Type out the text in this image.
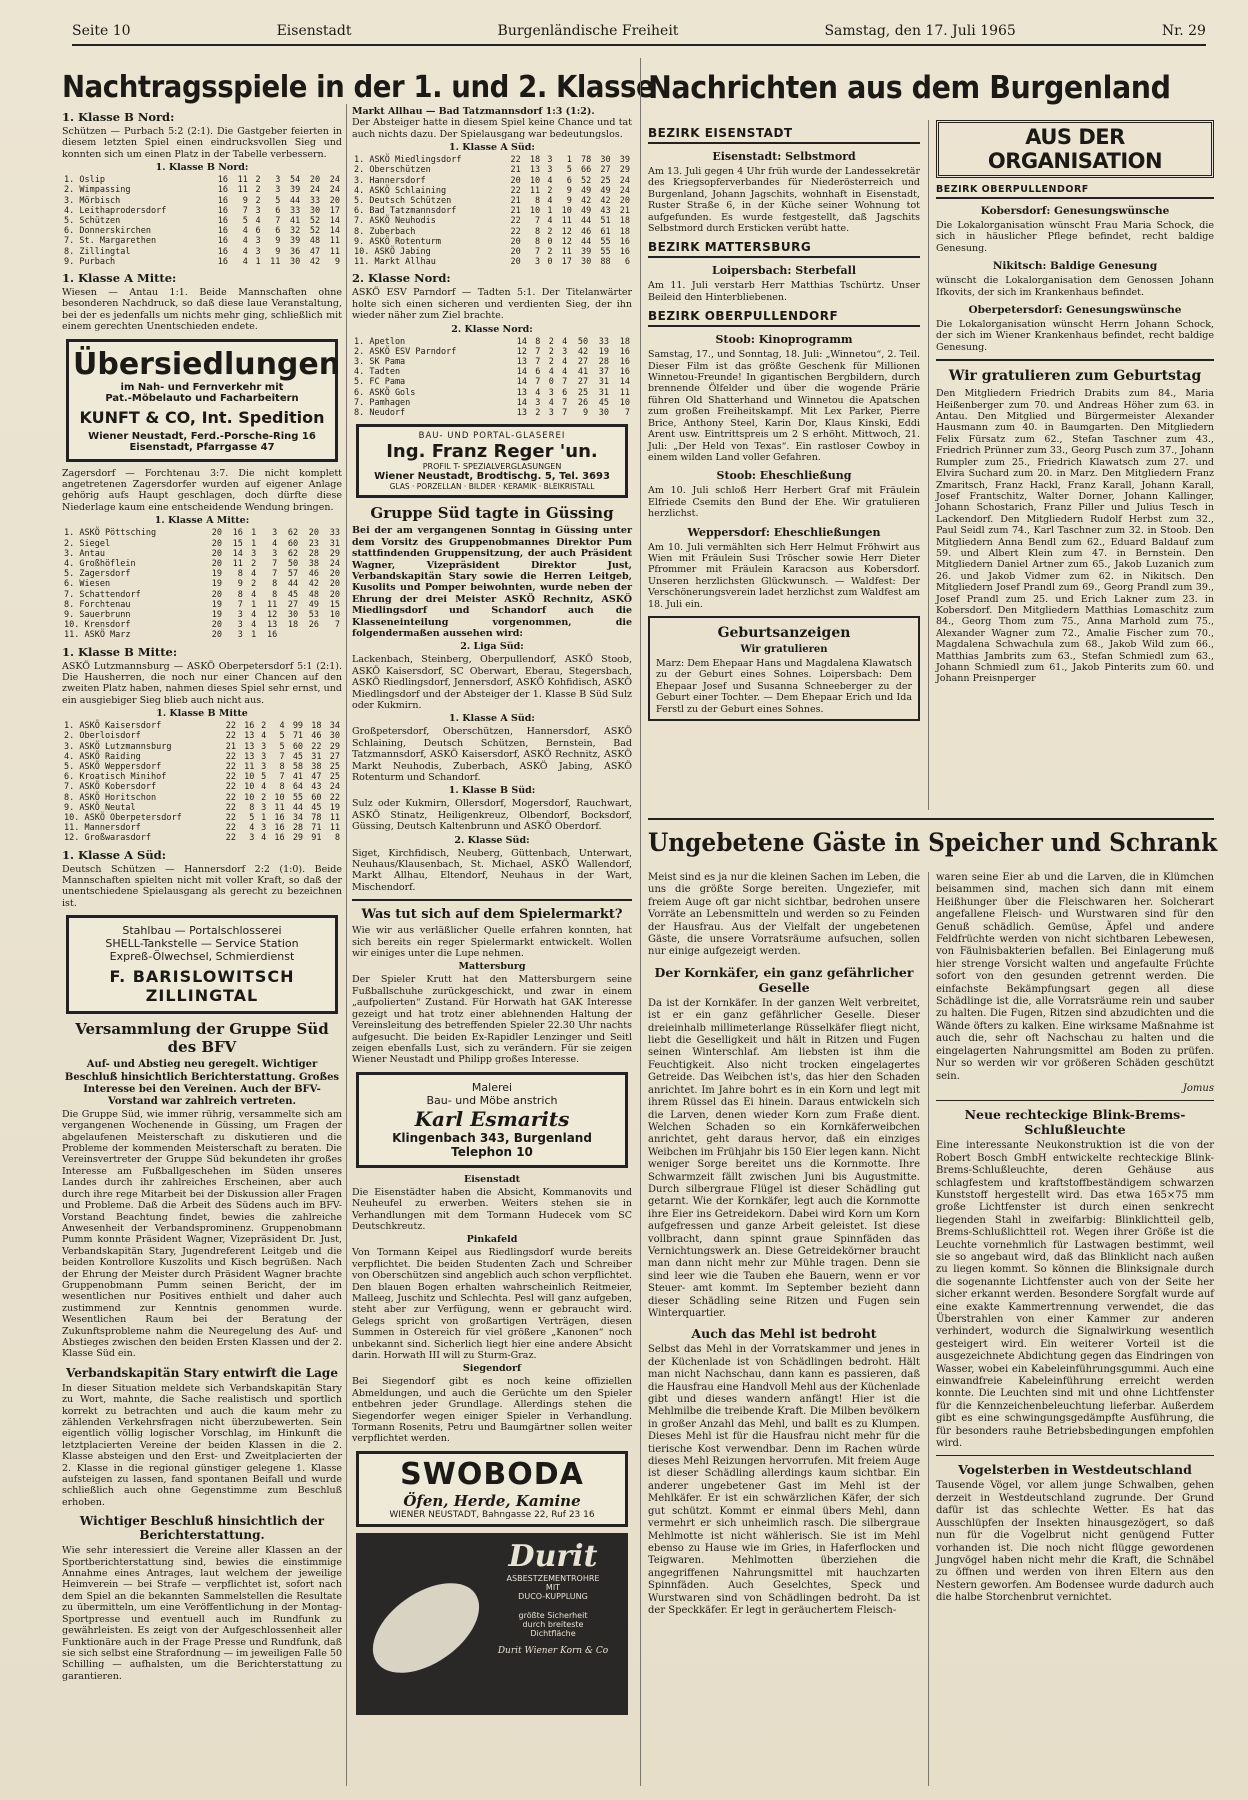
Seite 10	Eisenstadt	Burgenländische Freiheit	Samstag, den 17. Juli 1965	Nr. 29
Nachtragsspiele in der 1. und 2. Klasse
1. Klasse B Nord:
Schützen — Purbach 5:2 (2:1). Die Gastgeber feierten in diesem letzten Spiel einen eindrucksvollen Sieg und konnten sich um einen Platz in der Tabelle verbessern.
1. Klasse B Nord:
1. Oslip	16	11	2	3	54	20	24
2. Wimpassing	16	11	2	3	39	24	24
3. Mörbisch	16	9	2	5	44	33	20
4. Leithaprodersdorf	16	7	3	6	33	30	17
5. Schützen	16	5	4	7	41	52	14
6. Donnerskirchen	16	4	6	6	32	52	14
7. St. Margarethen	16	4	3	9	39	48	11
8. Zillingtal	16	4	3	9	36	47	11
9. Purbach	16	4	1	11	30	42	9
1. Klasse A Mitte:
Wiesen — Antau 1:1. Beide Mannschaften ohne besonderen Nachdruck, so daß diese laue Veranstaltung, bei der es jedenfalls um nichts mehr ging, schließlich mit einem gerechten Unentschieden endete.
Übersiedlungen
im Nah- und Fernverkehr mit
Pat.-Möbelauto und Facharbeitern
KUNFT & CO, Int. Spedition
Wiener Neustadt, Ferd.-Porsche-Ring 16
Eisenstadt, Pfarrgasse 47
Zagersdorf — Forchtenau 3:7. Die nicht komplett angetretenen Zagersdorfer wurden auf eigener Anlage gehörig aufs Haupt geschlagen, doch dürfte diese Niederlage kaum eine entscheidende Wendung bringen.
1. Klasse A Mitte:
1. ASKÖ Pöttsching	20	16	1	3	62	20	33
2. Siegel	20	15	1	4	60	23	31
3. Antau	20	14	3	3	62	28	29
4. Großhöflein	20	11	2	7	50	38	24
5. Zagersdorf	19	8	4	7	57	46	20
6. Wiesen	19	9	2	8	44	42	20
7. Schattendorf	20	8	4	8	45	48	20
8. Forchtenau	19	7	1	11	27	49	15
9. Sauerbrunn	19	3	4	12	30	53	10
10. Krensdorf	20	3	4	13	18	26	7
11. ASKÖ Marz	20	3	1	16			
1. Klasse B Mitte:
ASKÖ Lutzmannsburg — ASKÖ Oberpetersdorf 5:1 (2:1). Die Hausherren, die noch nur einer Chancen auf den zweiten Platz haben, nahmen dieses Spiel sehr ernst, und ein ausgiebiger Sieg blieb auch nicht aus.
1. Klasse B Mitte
1. ASKÖ Kaisersdorf	22	16	2	4	99	18	34
2. Oberloisdorf	22	13	4	5	71	46	30
3. ASKÖ Lutzmannsburg	21	13	3	5	60	22	29
4. ASKÖ Raiding	22	13	3	7	45	31	27
5. ASKÖ Weppersdorf	22	11	3	8	58	38	25
6. Kroatisch Minihof	22	10	5	7	41	47	25
7. ASKÖ Kobersdorf	22	10	4	8	64	43	24
8. ASKÖ Horitschon	22	10	2	10	55	60	22
9. ASKÖ Neutal	22	8	3	11	44	45	19
10. ASKÖ Oberpetersdorf	22	5	1	16	34	78	11
11. Mannersdorf	22	4	3	16	28	71	11
12. Großwarasdorf	22	3	4	16	29	91	8
1. Klasse A Süd:
Deutsch Schützen — Hannersdorf 2:2 (1:0). Beide Mannschaften spielten nicht mit voller Kraft, so daß der unentschiedene Spielausgang als gerecht zu bezeichnen ist.
Stahlbau — Portalschlosserei
SHELL-Tankstelle — Service Station
Expreß-Ölwechsel, Schmierdienst
F. BARISLOWITSCH
ZILLINGTAL
Versammlung der Gruppe Süd des BFV
Auf- und Abstieg neu geregelt. Wichtiger Beschluß hinsichtlich Berichterstattung. Großes Interesse bei den Vereinen. Auch der BFV-Vorstand war zahlreich vertreten.
Die Gruppe Süd, wie immer rührig, versammelte sich am vergangenen Wochenende in Güssing, um Fragen der abgelaufenen Meisterschaft zu diskutieren und die Probleme der kommenden Meisterschaft zu beraten. Die Vereinsvertreter der Gruppe Süd bekundeten ihr großes Interesse am Fußballgeschehen im Süden unseres Landes durch ihr zahlreiches Erscheinen, aber auch durch ihre rege Mitarbeit bei der Diskussion aller Fragen und Probleme. Daß die Arbeit des Südens auch im BFV-Vorstand Beachtung findet, bewies die zahlreiche Anwesenheit der Verbandsprominenz. Gruppenobmann Pumm konnte Präsident Wagner, Vizepräsident Dr. Just, Verbandskapitän Stary, Jugendreferent Leitgeb und die beiden Kontrollore Kuszolits und Kisch begrüßen. Nach der Ehrung der Meister durch Präsident Wagner brachte Gruppenobmann Pumm seinen Bericht, der im wesentlichen nur Positives enthielt und daher auch zustimmend zur Kenntnis genommen wurde. Wesentlichen Raum bei der Beratung der Zukunftsprobleme nahm die Neuregelung des Auf- und Abstieges zwischen den beiden Ersten Klassen und der 2. Klasse Süd ein.
Verbandskapitän Stary entwirft die Lage
In dieser Situation meldete sich Verbandskapitän Stary zu Wort, mahnte, die Sache realistisch und sportlich korrekt zu betrachten und auch die kaum mehr zu zählenden Verkehrsfragen nicht überzubewerten. Sein eigentlich völlig logischer Vorschlag, im Hinkunft die letztplacierten Vereine der beiden Klassen in die 2. Klasse absteigen und den Erst- und Zweitplacierten der 2. Klasse in die regional günstiger gelegene 1. Klasse aufsteigen zu lassen, fand spontanen Beifall und wurde schließlich auch ohne Gegenstimme zum Beschluß erhoben.
Wichtiger Beschluß hinsichtlich der Berichterstattung.
Wie sehr interessiert die Vereine aller Klassen an der Sportberichterstattung sind, bewies die einstimmige Annahme eines Antrages, laut welchem der jeweilige Heimverein — bei Strafe — verpflichtet ist, sofort nach dem Spiel an die bekannten Sammelstellen die Resultate zu übermitteln, um eine Veröffentlichung in der Montag-Sportpresse und eventuell auch im Rundfunk zu gewährleisten. Es zeigt von der Aufgeschlossenheit aller Funktionäre auch in der Frage Presse und Rundfunk, daß sie sich selbst eine Strafordnung — im jeweiligen Falle 50 Schilling — aufhalsten, um die Berichterstattung zu garantieren.
Markt Allhau — Bad Tatzmannsdorf 1:3 (1:2).
Der Absteiger hatte in diesem Spiel keine Chance und tat auch nichts dazu. Der Spielausgang war bedeutungslos.
1. Klasse A Süd:
1. ASKÖ Miedlingsdorf	22	18	3	1	78	30	39
2. Oberschützen	21	13	3	5	66	27	29
3. Hannersdorf	20	10	4	6	52	25	24
4. ASKÖ Schlaining	22	11	2	9	49	49	24
5. Deutsch Schützen	21	8	4	9	42	42	20
6. Bad Tatzmannsdorf	21	10	1	10	49	43	21
7. ASKÖ Neuhodis	22	7	4	11	44	51	18
8. Zuberbach	22	8	2	12	46	61	18
9. ASKÖ Rotenturm	20	8	0	12	44	55	16
10. ASKÖ Jabing	20	7	2	11	39	55	16
11. Markt Allhau	20	3	0	17	30	88	6
2. Klasse Nord:
ASKÖ ESV Parndorf — Tadten 5:1. Der Titelanwärter holte sich einen sicheren und verdienten Sieg, der ihn wieder näher zum Ziel brachte.
2. Klasse Nord:
1. Apetlon	14	8	2	4	50	33	18
2. ASKÖ ESV Parndorf	12	7	2	3	42	19	16
3. SK Pama	13	7	2	4	27	28	16
4. Tadten	14	6	4	4	41	37	16
5. FC Pama	14	7	0	7	27	31	14
6. ASKÖ Gols	13	4	3	6	25	31	11
7. Pamhagen	14	3	4	7	26	45	10
8. Neudorf	13	2	3	7	9	30	7
BAU- UND PORTAL-GLASEREI
Ing. Franz Reger 'un.
PROFIL T- SPEZIALVERGLASUNGEN
Wiener Neustadt, Brodtischg. 5, Tel. 3693
GLAS · PORZELLAN · BILDER · KERAMIK · BLEIKRISTALL
Gruppe Süd tagte in Güssing
Bei der am vergangenen Sonntag in Güssing unter dem Vorsitz des Gruppenobmannes Direktor Pum stattfindenden Gruppensitzung, der auch Präsident Wagner, Vizepräsident Direktor Just, Verbandskapitän Stary sowie die Herren Leitgeb, Kusolits und Pomper beiwohnten, wurde neben der Ehrung der drei Meister ASKÖ Rechnitz, ASKÖ Miedlingsdorf und Schandorf auch die Klasseneinteilung vorgenommen, die folgendermaßen aussehen wird:
2. Liga Süd:
Lackenbach, Steinberg, Oberpullendorf, ASKÖ Stoob, ASKÖ Kaisersdorf, SC Oberwart, Eberau, Stegersbach, ASKÖ Riedlingsdorf, Jennersdorf, ASKÖ Kohfidisch, ASKÖ Miedlingsdorf und der Absteiger der 1. Klasse B Süd Sulz oder Kukmirn.
1. Klasse A Süd:
Großpetersdorf, Oberschützen, Hannersdorf, ASKÖ Schlaining, Deutsch Schützen, Bernstein, Bad Tatzmannsdorf, ASKÖ Kaisersdorf, ASKÖ Rechnitz, ASKÖ Markt Neuhodis, Zuberbach, ASKÖ Jabing, ASKÖ Rotenturm und Schandorf.
1. Klasse B Süd:
Sulz oder Kukmirn, Ollersdorf, Mogersdorf, Rauchwart, ASKÖ Stinatz, Heiligenkreuz, Olbendorf, Bocksdorf, Güssing, Deutsch Kaltenbrunn und ASKÖ Oberdorf.
2. Klasse Süd:
Siget, Kirchfidisch, Neuberg, Güttenbach, Unterwart, Neuhaus/Klausenbach, St. Michael, ASKÖ Wallendorf, Markt Allhau, Eltendorf, Neuhaus in der Wart, Mischendorf.
Was tut sich auf dem Spielermarkt?
Wie wir aus verläßlicher Quelle erfahren konnten, hat sich bereits ein reger Spielermarkt entwickelt. Wollen wir einiges unter die Lupe nehmen.
Mattersburg
Der Spieler Krutt hat den Mattersburgern seine Fußballschuhe zurückgeschickt, und zwar in einem „aufpolierten“ Zustand. Für Horwath hat GAK Interesse gezeigt und hat trotz einer ablehnenden Haltung der Vereinsleitung des betreffenden Spieler 22.30 Uhr nachts aufgesucht. Die beiden Ex-Rapidler Lenzinger und Seitl zeigen ebenfalls Lust, sich zu verändern. Für sie zeigen Wiener Neustadt und Philipp großes Interesse.
Malerei
Bau- und Möbe anstrich
Karl Esmarits
Klingenbach 343, Burgenland
Telephon 10
Eisenstadt
Die Eisenstädter haben die Absicht, Kommanovits und Neuheufel zu erwerben. Weiters stehen sie in Verhandlungen mit dem Tormann Hudecek vom SC Deutschkreutz.
Pinkafeld
Von Tormann Keipel aus Riedlingsdorf wurde bereits verpflichtet. Die beiden Studenten Zach und Schreiber von Oberschützen sind angeblich auch schon verpflichtet. Den blauen Bogen erhalten wahrscheinlich Reitmeier, Malleeg, Juschitz und Schlechta. Pesl will ganz aufgeben, steht aber zur Verfügung, wenn er gebraucht wird. Gelegs spricht von großartigen Verträgen, diesen Summen in Ostereich für viel größere „Kanonen“ noch unbekannt sind. Sicherlich liegt hier eine andere Absicht darin. Horwath III will zu Sturm-Graz.
Siegendorf
Bei Siegendorf gibt es noch keine offiziellen Abmeldungen, und auch die Gerüchte um den Spieler entbehren jeder Grundlage. Allerdings stehen die Siegendorfer wegen einiger Spieler in Verhandlung. Tormann Rosenits, Petru und Baumgärtner sollen weiter verpflichtet werden.
SWOBODA
Öfen, Herde, Kamine
WIENER NEUSTADT, Bahngasse 22, Ruf 23 16
Durit
ASBESTZEMENTROHRE
MIT
DUCO-KUPPLUNG
größte Sicherheit
durch breiteste
Dichtfläche
Durit Wiener Korn & Co
Nachrichten aus dem Burgenland
BEZIRK EISENSTADT
Eisenstadt: Selbstmord
Am 13. Juli gegen 4 Uhr früh wurde der Landessekretär des Kriegsopferverbandes für Niederösterreich und Burgenland, Johann Jagschits, wohnhaft in Eisenstadt, Ruster Straße 6, in der Küche seiner Wohnung tot aufgefunden. Es wurde festgestellt, daß Jagschits Selbstmord durch Ersticken verübt hatte.
BEZIRK MATTERSBURG
Loipersbach: Sterbefall
Am 11. Juli verstarb Herr Matthias Tschürtz. Unser Beileid den Hinterbliebenen.
BEZIRK OBERPULLENDORF
Stoob: Kinoprogramm
Samstag, 17., und Sonntag, 18. Juli: „Winnetou“, 2. Teil. Dieser Film ist das größte Geschenk für Millionen Winnetou-Freunde! In gigantischen Bergbildern, durch brennende Ölfelder und über die wogende Prärie führen Old Shatterhand und Winnetou die Apatschen zum großen Freiheitskampf. Mit Lex Parker, Pierre Brice, Anthony Steel, Karin Dor, Klaus Kinski, Eddi Arent usw. Eintrittspreis um 2 S erhöht. Mittwoch, 21. Juli: „Der Held von Texas“. Ein rastloser Cowboy in einem wilden Land voller Gefahren.
Stoob: Eheschließung
Am 10. Juli schloß Herr Herbert Graf mit Fräulein Elfriede Csemits den Bund der Ehe. Wir gratulieren herzlichst.
Weppersdorf: Eheschließungen
Am 10. Juli vermählten sich Herr Helmut Fröhwirt aus Wien mit Fräulein Susi Tröscher sowie Herr Dieter Pfrommer mit Fräulein Karacson aus Kobersdorf. Unseren herzlichsten Glückwunsch. — Waldfest: Der Verschönerungsverein ladet herzlichst zum Waldfest am 18. Juli ein.
Geburtsanzeigen
Wir gratulieren
Marz: Dem Ehepaar Hans und Magdalena Klawatsch zu der Geburt eines Sohnes. Loipersbach: Dem Ehepaar Josef und Susanna Schneeberger zu der Geburt einer Tochter. — Dem Ehepaar Erich und Ida Ferstl zu der Geburt eines Sohnes.
AUS DER ORGANISATION
BEZIRK OBERPULLENDORF
Kobersdorf: Genesungswünsche
Die Lokalorganisation wünscht Frau Maria Schock, die sich in häuslicher Pflege befindet, recht baldige Genesung.
Nikitsch: Baldige Genesung
wünscht die Lokalorganisation dem Genossen Johann Ifkovits, der sich im Krankenhaus befindet.
Oberpetersdorf: Genesungswünsche
Die Lokalorganisation wünscht Herrn Johann Schock, der sich im Wiener Krankenhaus befindet, recht baldige Genesung.
Wir gratulieren zum Geburtstag
Den Mitgliedern Friedrich Drabits zum 84., Maria Heißenberger zum 70. und Andreas Höher zum 63. in Antau. Den Mitglied und Bürgermeister Alexander Hausmann zum 40. in Baumgarten. Den Mitgliedern Felix Fürsatz zum 62., Stefan Taschner zum 43., Friedrich Prünner zum 33., Georg Pusch zum 37., Johann Rumpler zum 25., Friedrich Klawatsch zum 27. und Elvira Suchard zum 20. in Marz. Den Mitgliedern Franz Zmaritsch, Franz Hackl, Franz Karall, Johann Karall, Josef Frantschitz, Walter Dorner, Johann Kallinger, Johann Schostarich, Franz Piller und Julius Tesch in Lackendorf. Den Mitgliedern Rudolf Herbst zum 32., Paul Seidl zum 74., Karl Taschner zum 32. in Stoob. Den Mitgliedern Anna Bendl zum 62., Eduard Baldauf zum 59. und Albert Klein zum 47. in Bernstein. Den Mitgliedern Daniel Artner zum 65., Jakob Luzanich zum 26. und Jakob Vidmer zum 62. in Nikitsch. Den Mitgliedern Josef Prandl zum 69., Georg Prandl zum 39., Josef Prandl zum 25. und Erich Lakner zum 23. in Kobersdorf. Den Mitgliedern Matthias Lomaschitz zum 84., Georg Thom zum 75., Anna Marhold zum 75., Alexander Wagner zum 72., Amalie Fischer zum 70., Magdalena Schwachula zum 68., Jakob Wild zum 66., Matthias Jambrits zum 63., Stefan Schmiedl zum 63., Johann Schmiedl zum 61., Jakob Pinterits zum 60. und Johann Preisnperger
Ungebetene Gäste in Speicher und Schrank
Meist sind es ja nur die kleinen Sachen im Leben, die uns die größte Sorge bereiten. Ungeziefer, mit freiem Auge oft gar nicht sichtbar, bedrohen unsere Vorräte an Lebensmitteln und werden so zu Feinden der Hausfrau. Aus der Vielfalt der ungebetenen Gäste, die unsere Vorratsräume aufsuchen, sollen nur einige aufgezeigt werden.
Der Kornkäfer, ein ganz gefährlicher Geselle
Da ist der Kornkäfer. In der ganzen Welt verbreitet, ist er ein ganz gefährlicher Geselle. Dieser dreieinhalb millimeterlange Rüsselkäfer fliegt nicht, liebt die Geselligkeit und hält in Ritzen und Fugen seinen Winterschlaf. Am liebsten ist ihm die Feuchtigkeit. Also nicht trocken eingelagertes Getreide. Das Weibchen ist's, das hier den Schaden anrichtet. Im Jahre bohrt es in ein Korn und legt mit ihrem Rüssel das Ei hinein. Daraus entwickeln sich die Larven, denen wieder Korn zum Fraße dient. Welchen Schaden so ein Kornkäferweibchen anrichtet, geht daraus hervor, daß ein einziges Weibchen im Frühjahr bis 150 Eier legen kann. Nicht weniger Sorge bereitet uns die Kornmotte. Ihre Schwarmzeit fällt zwischen Juni bis Augustmitte. Durch silbergraue Flügel ist dieser Schädling gut getarnt. Wie der Kornkäfer, legt auch die Kornmotte ihre Eier ins Getreidekorn. Dabei wird Korn um Korn aufgefressen und ganze Arbeit geleistet. Ist diese vollbracht, dann spinnt graue Spinnfäden das Vernichtungswerk an. Diese Getreidekörner braucht man dann nicht mehr zur Mühle tragen. Denn sie sind leer wie die Tauben ehe Bauern, wenn er vor Steuer- amt kommt. Im September bezieht dann dieser Schädling seine Ritzen und Fugen sein Winterquartier.
Auch das Mehl ist bedroht
Selbst das Mehl in der Vorratskammer und jenes in der Küchenlade ist von Schädlingen bedroht. Hält man nicht Nachschau, dann kann es passieren, daß die Hausfrau eine Handvoll Mehl aus der Küchenlade gibt und dieses wandern anfängt! Hier ist die Mehlmilbe die treibende Kraft. Die Milben bevölkern in großer Anzahl das Mehl, und ballt es zu Klumpen. Dieses Mehl ist für die Hausfrau nicht mehr für die tierische Kost verwendbar. Denn im Rachen würde dieses Mehl Reizungen hervorrufen. Mit freiem Auge ist dieser Schädling allerdings kaum sichtbar. Ein anderer ungebetener Gast im Mehl ist der Mehlkäfer. Er ist ein schwärzlichen Käfer, der sich gut schützt. Kommt er einmal übers Mehl, dann vermehrt er sich unheimlich rasch. Die silbergraue Mehlmotte ist nicht wählerisch. Sie ist im Mehl ebenso zu Hause wie im Gries, in Haferflocken und Teigwaren. Mehlmotten überziehen die angegriffenen Nahrungsmittel mit hauchzarten Spinnfäden. Auch Geselchtes, Speck und Wurstwaren sind von Schädlingen bedroht. Da ist der Speckkäfer. Er legt in geräuchertem Fleisch-
waren seine Eier ab und die Larven, die in Klümchen beisammen sind, machen sich dann mit einem Heißhunger über die Fleischwaren her. Solcherart angefallene Fleisch- und Wurstwaren sind für den Genuß schädlich. Gemüse, Äpfel und andere Feldfrüchte werden von nicht sichtbaren Lebewesen, von Fäulnisbakterien befallen. Bei Einlagerung muß hier strenge Vorsicht walten und angefaulte Früchte sofort von den gesunden getrennt werden. Die einfachste Bekämpfungsart gegen all diese Schädlinge ist die, alle Vorratsräume rein und sauber zu halten. Die Fugen, Ritzen sind abzudichten und die Wände öfters zu kalken. Eine wirksame Maßnahme ist auch die, sehr oft Nachschau zu halten und die eingelagerten Nahrungsmittel am Boden zu prüfen. Nur so werden wir vor größeren Schäden geschützt sein.
Jomus
Neue rechteckige Blink-Brems-Schlußleuchte
Eine interessante Neukonstruktion ist die von der Robert Bosch GmbH entwickelte rechteckige Blink-Brems-Schlußleuchte, deren Gehäuse aus schlagfestem und kraftstoffbeständigem schwarzen Kunststoff hergestellt wird. Das etwa 165×75 mm große Lichtfenster ist durch einen senkrecht liegenden Stahl in zweifarbig: Blinklichtteil gelb, Brems-Schlußlichtteil rot. Wegen ihrer Größe ist die Leuchte vornehmlich für Lastwagen bestimmt, weil sie so angebaut wird, daß das Blinklicht nach außen zu liegen kommt. So können die Blinksignale durch die sogenannte Lichtfenster auch von der Seite her sicher erkannt werden. Besondere Sorgfalt wurde auf eine exakte Kammertrennung verwendet, die das Überstrahlen von einer Kammer zur anderen verhindert, wodurch die Signalwirkung wesentlich gesteigert wird. Ein weiterer Vorteil ist die ausgezeichnete Abdichtung gegen das Eindringen von Wasser, wobei ein Kabeleinführungsgummi. Auch eine einwandfreie Kabeleinführung erreicht werden konnte. Die Leuchten sind mit und ohne Lichtfenster für die Kennzeichenbeleuchtung lieferbar. Außerdem gibt es eine schwingungsgedämpfte Ausführung, die für besonders rauhe Betriebsbedingungen empfohlen wird.
Vogelsterben in Westdeutschland
Tausende Vögel, vor allem junge Schwalben, gehen derzeit in Westdeutschland zugrunde. Der Grund dafür ist das schlechte Wetter. Es hat das Ausschlüpfen der Insekten hinausgezögert, so daß nun für die Vogelbrut nicht genügend Futter vorhanden ist. Die noch nicht flügge gewordenen Jungvögel haben nicht mehr die Kraft, die Schnäbel zu öffnen und werden von ihren Eltern aus den Nestern geworfen. Am Bodensee wurde dadurch auch die halbe Storchenbrut vernichtet.
